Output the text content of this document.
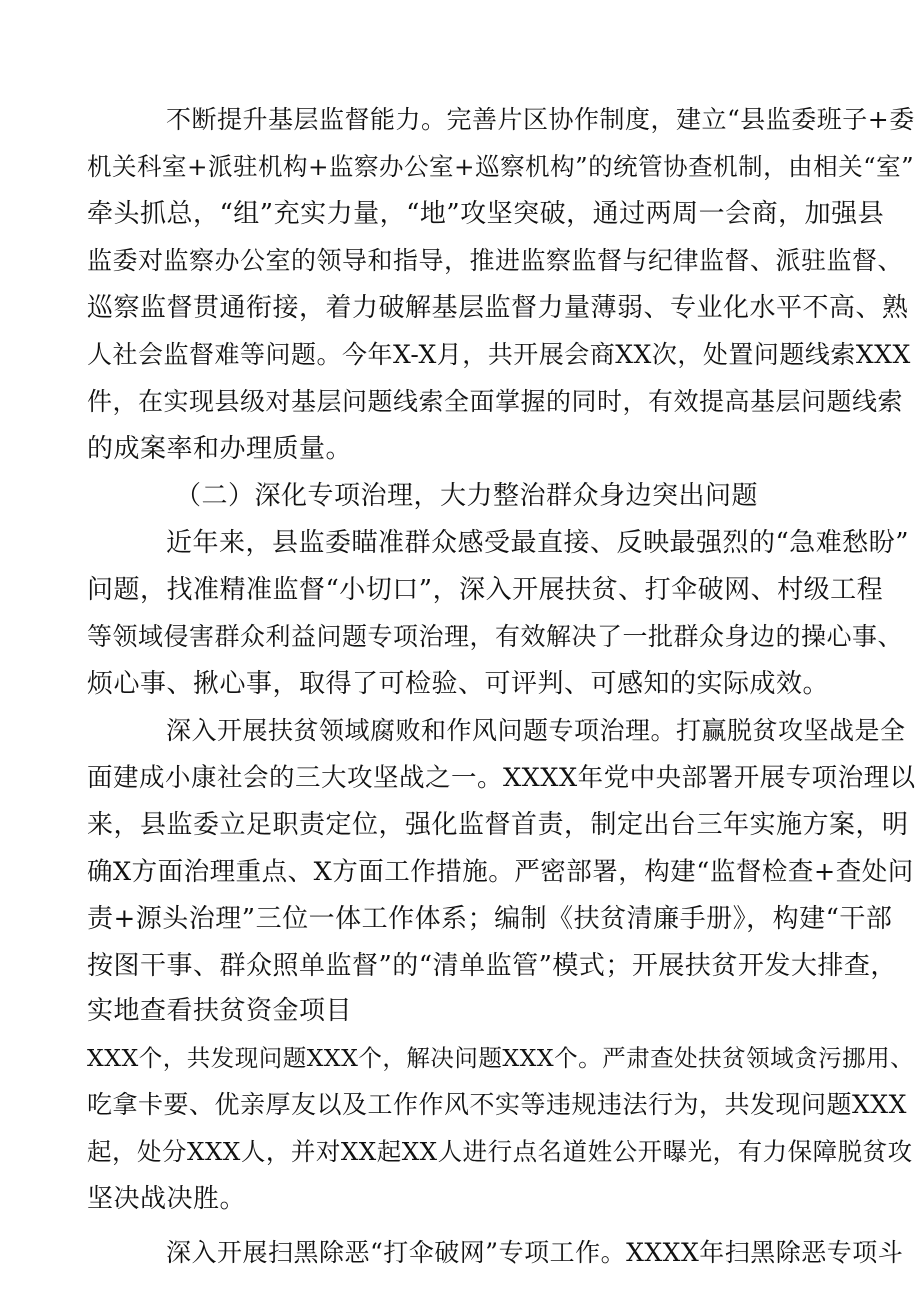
不断提升基层监督能力。完善片区协作制度，建立“县监委班子+委
机关科室+派驻机构+监察办公室+巡察机构”的统管协查机制，由相关“室”
牵头抓总，“组”充实力量，“地”攻坚突破，通过两周一会商，加强县
监委对监察办公室的领导和指导，推进监察监督与纪律监督、派驻监督、
巡察监督贯通衔接，着力破解基层监督力量薄弱、专业化水平不高、熟
人社会监督难等问题。今年X-X月，共开展会商XX次，处置问题线索XXX
件，在实现县级对基层问题线索全面掌握的同时，有效提高基层问题线索
的成案率和办理质量。
（二）深化专项治理，大力整治群众身边突出问题
近年来，县监委瞄准群众感受最直接、反映最强烈的“急难愁盼”
问题，找准精准监督“小切口”，深入开展扶贫、打伞破网、村级工程
等领域侵害群众利益问题专项治理，有效解决了一批群众身边的操心事、
烦心事、揪心事，取得了可检验、可评判、可感知的实际成效。
深入开展扶贫领域腐败和作风问题专项治理。打赢脱贫攻坚战是全
面建成小康社会的三大攻坚战之一。XXXX年党中央部署开展专项治理以
来，县监委立足职责定位，强化监督首责，制定出台三年实施方案，明
确X方面治理重点、X方面工作措施。严密部署，构建“监督检查+查处问
责+源头治理”三位一体工作体系；编制《扶贫清廉手册》，构建“干部
按图干事、群众照单监督”的“清单监管”模式；开展扶贫开发大排查，
实地查看扶贫资金项目
XXX个，共发现问题XXX个，解决问题XXX个。严肃查处扶贫领域贪污挪用、
吃拿卡要、优亲厚友以及工作作风不实等违规违法行为，共发现问题XXX
起，处分XXX人，并对XX起XX人进行点名道姓公开曝光，有力保障脱贫攻
坚决战决胜。
深入开展扫黑除恶“打伞破网”专项工作。XXXX年扫黑除恶专项斗
